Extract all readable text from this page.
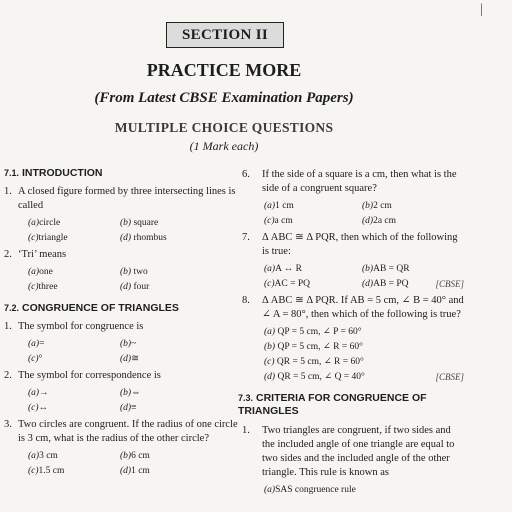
|
SECTION II
PRACTICE MORE
(From Latest CBSE Examination Papers)
MULTIPLE CHOICE QUESTIONS
(1 Mark each)
7.1. INTRODUCTION
1. A closed figure formed by three intersecting lines is called
(a)circle	(b) square
(c)triangle	(d) rhombus
2. ‘Tri’ means
(a)one	(b) two
(c)three	(d) four
7.2. CONGRUENCE OF TRIANGLES
1. The symbol for congruence is
(a)=	(b)~
(c)°	(d)≅
2. The symbol for correspondence is
(a)→	(b)⇔
(c)↔	(d)≡
3. Two circles are congruent. If the radius of one circle is 3 cm, what is the radius of the other circle?
(a)3 cm	(b)6 cm
(c)1.5 cm	(d)1 cm
6.	If the side of a square is a cm, then what is the side of a congruent square?
(a)1 cm	(b)2 cm
(c)a cm	(d)2a cm
7.	Δ ABC ≅ Δ PQR, then which of the following is true:
(a)A ↔ R	(b)AB = QR
(c)AC = PQ	(d)AB = PQ	[CBSE]
8.	Δ ABC ≅ Δ PQR. If AB = 5 cm, ∠ B = 40° and ∠ A = 80°, then which of the following is true?
(a) QP = 5 cm, ∠ P = 60°
(b) QP = 5 cm, ∠ R = 60°
(c) QR = 5 cm, ∠ R = 60°
(d) QR = 5 cm, ∠ Q = 40°	[CBSE]
7.3. CRITERIA FOR CONGRUENCE OF TRIANGLES
1.	Two triangles are congruent, if two sides and the included angle of one triangle are equal to two sides and the included angle of the other triangle. This rule is known as
(a)SAS congruence rule
